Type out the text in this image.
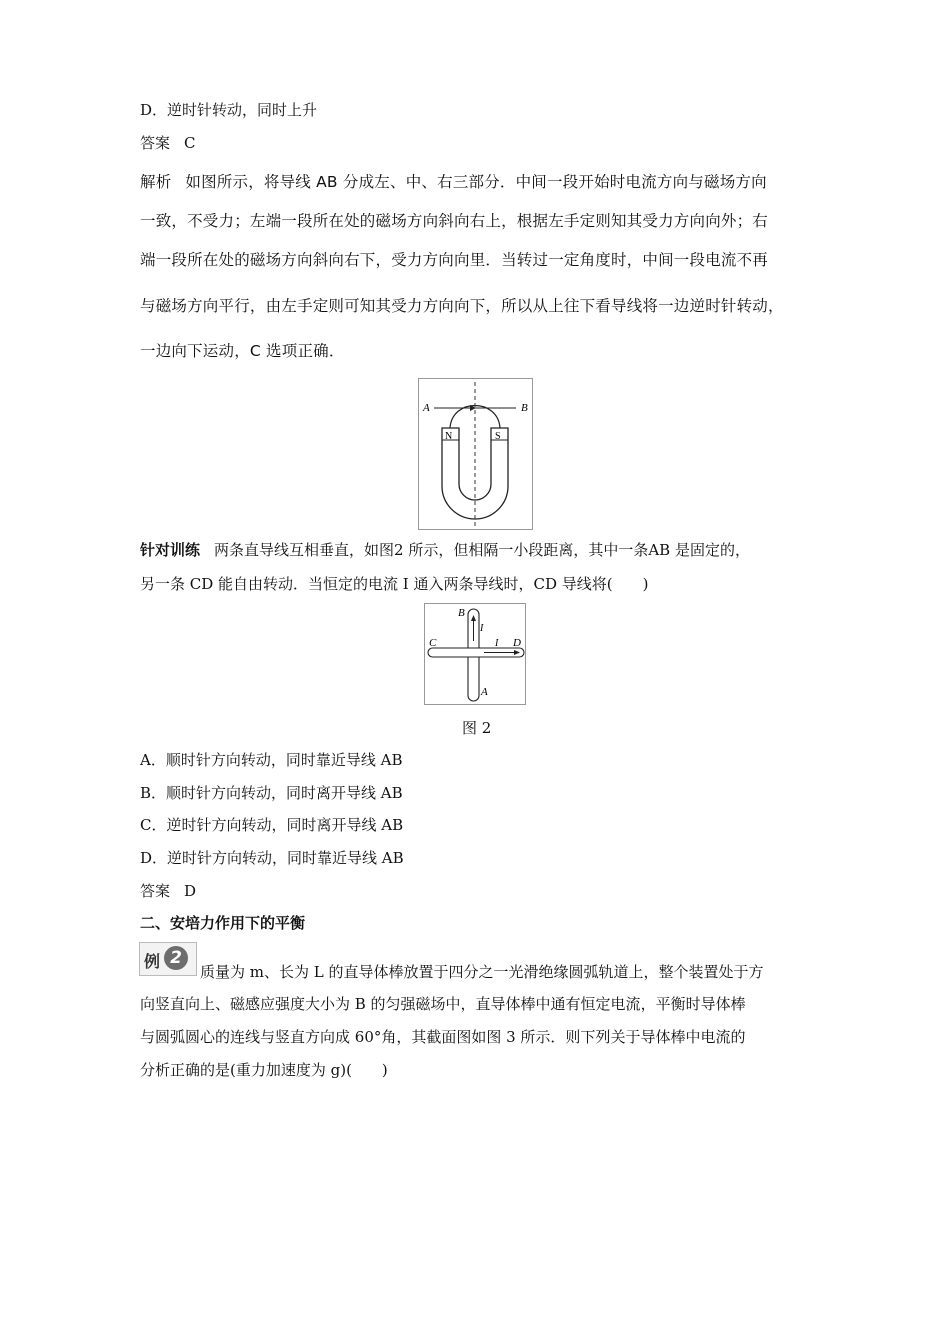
D．逆时针转动，同时上升
答案 C
解析 如图所示，将导线 AB 分成左、中、右三部分．中间一段开始时电流方向与磁场方向
一致，不受力；左端一段所在处的磁场方向斜向右上，根据左手定则知其受力方向向外；右
端一段所在处的磁场方向斜向右下，受力方向向里．当转过一定角度时，中间一段电流不再
与磁场方向平行，由左手定则可知其受力方向向下，所以从上往下看导线将一边逆时针转动，
一边向下运动，C 选项正确．
A	B
N	S
针对训练 两条直导线互相垂直，如图2 所示，但相隔一小段距离，其中一条AB 是固定的，
另一条 CD 能自由转动．当恒定的电流 I 通入两条导线时，CD 导线将(　　)
B
I
C	I D
A
图 2
A．顺时针方向转动，同时靠近导线 AB
B．顺时针方向转动，同时离开导线 AB
C．逆时针方向转动，同时离开导线 AB
D．逆时针方向转动，同时靠近导线 AB
答案 D
二、安培力作用下的平衡
例 2
质量为 m、长为 L 的直导体棒放置于四分之一光滑绝缘圆弧轨道上，整个装置处于方
向竖直向上、磁感应强度大小为 B 的匀强磁场中，直导体棒中通有恒定电流，平衡时导体棒
与圆弧圆心的连线与竖直方向成 60°角，其截面图如图 3 所示．则下列关于导体棒中电流的
分析正确的是(重力加速度为 g)(　　)
